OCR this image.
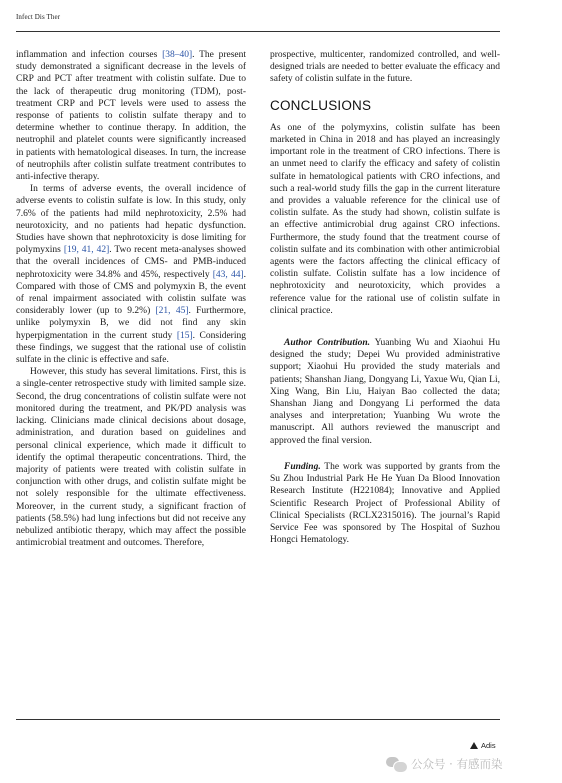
Infect Dis Ther

inflammation and infection courses [38–40]. The present study demonstrated a significant decrease in the levels of CRP and PCT after treatment with colistin sulfate. Due to the lack of therapeutic drug monitoring (TDM), post-treatment CRP and PCT levels were used to assess the response of patients to colistin sulfate therapy and to determine whether to continue therapy. In addition, the neutrophil and platelet counts were significantly increased in patients with hematological diseases. In turn, the increase of neutrophils after colistin sulfate treatment contributes to anti-infective therapy.

In terms of adverse events, the overall incidence of adverse events to colistin sulfate is low. In this study, only 7.6% of the patients had mild nephrotoxicity, 2.5% had neurotoxicity, and no patients had hepatic dysfunction. Studies have shown that nephrotoxicity is dose limiting for polymyxins [19, 41, 42]. Two recent meta-analyses showed that the overall incidences of CMS- and PMB-induced nephrotoxicity were 34.8% and 45%, respectively [43, 44]. Compared with those of CMS and polymyxin B, the event of renal impairment associated with colistin sulfate was considerably lower (up to 9.2%) [21, 45]. Furthermore, unlike polymyxin B, we did not find any skin hyperpigmentation in the current study [15]. Considering these findings, we suggest that the rational use of colistin sulfate in the clinic is effective and safe.

However, this study has several limitations. First, this is a single-center retrospective study with limited sample size. Second, the drug concentrations of colistin sulfate were not monitored during the treatment, and PK/PD analysis was lacking. Clinicians made clinical decisions about dosage, administration, and duration based on guidelines and personal clinical experience, which made it difficult to identify the optimal therapeutic concentrations. Third, the majority of patients were treated with colistin sulfate in conjunction with other drugs, and colistin sulfate might be not solely responsible for the ultimate effectiveness. Moreover, in the current study, a significant fraction of patients (58.5%) had lung infections but did not receive any nebulized antibiotic therapy, which may affect the possible antimicrobial treatment and outcomes. Therefore,

prospective, multicenter, randomized controlled, and well-designed trials are needed to better evaluate the efficacy and safety of colistin sulfate in the future.

CONCLUSIONS

As one of the polymyxins, colistin sulfate has been marketed in China in 2018 and has played an increasingly important role in the treatment of CRO infections. There is an unmet need to clarify the efficacy and safety of colistin sulfate in hematological patients with CRO infections, and such a real-world study fills the gap in the current literature and provides a valuable reference for the clinical use of colistin sulfate. As the study had shown, colistin sulfate is an effective antimicrobial drug against CRO infections. Furthermore, the study found that the treatment course of colistin sulfate and its combination with other antimicrobial agents were the factors affecting the clinical efficacy of colistin sulfate. Colistin sulfate has a low incidence of nephrotoxicity and neurotoxicity, which provides a reference value for the rational use of colistin sulfate in clinical practice.

Author Contribution. Yuanbing Wu and Xiaohui Hu designed the study; Depei Wu provided administrative support; Xiaohui Hu provided the study materials and patients; Shanshan Jiang, Dongyang Li, Yaxue Wu, Qian Li, Xing Wang, Bin Liu, Haiyan Bao collected the data; Shanshan Jiang and Dongyang Li performed the data analyses and interpretation; Yuanbing Wu wrote the manuscript. All authors reviewed the manuscript and approved the final version.

Funding. The work was supported by grants from the Su Zhou Industrial Park He He Yuan Da Blood Innovation Research Institute (H221084); Innovative and Applied Scientific Research Project of Professional Ability of Clinical Specialists (RCLX2315016). The journal’s Rapid Service Fee was sponsored by The Hospital of Suzhou Hongci Hematology.

Adis
公众号 · 有感而染
